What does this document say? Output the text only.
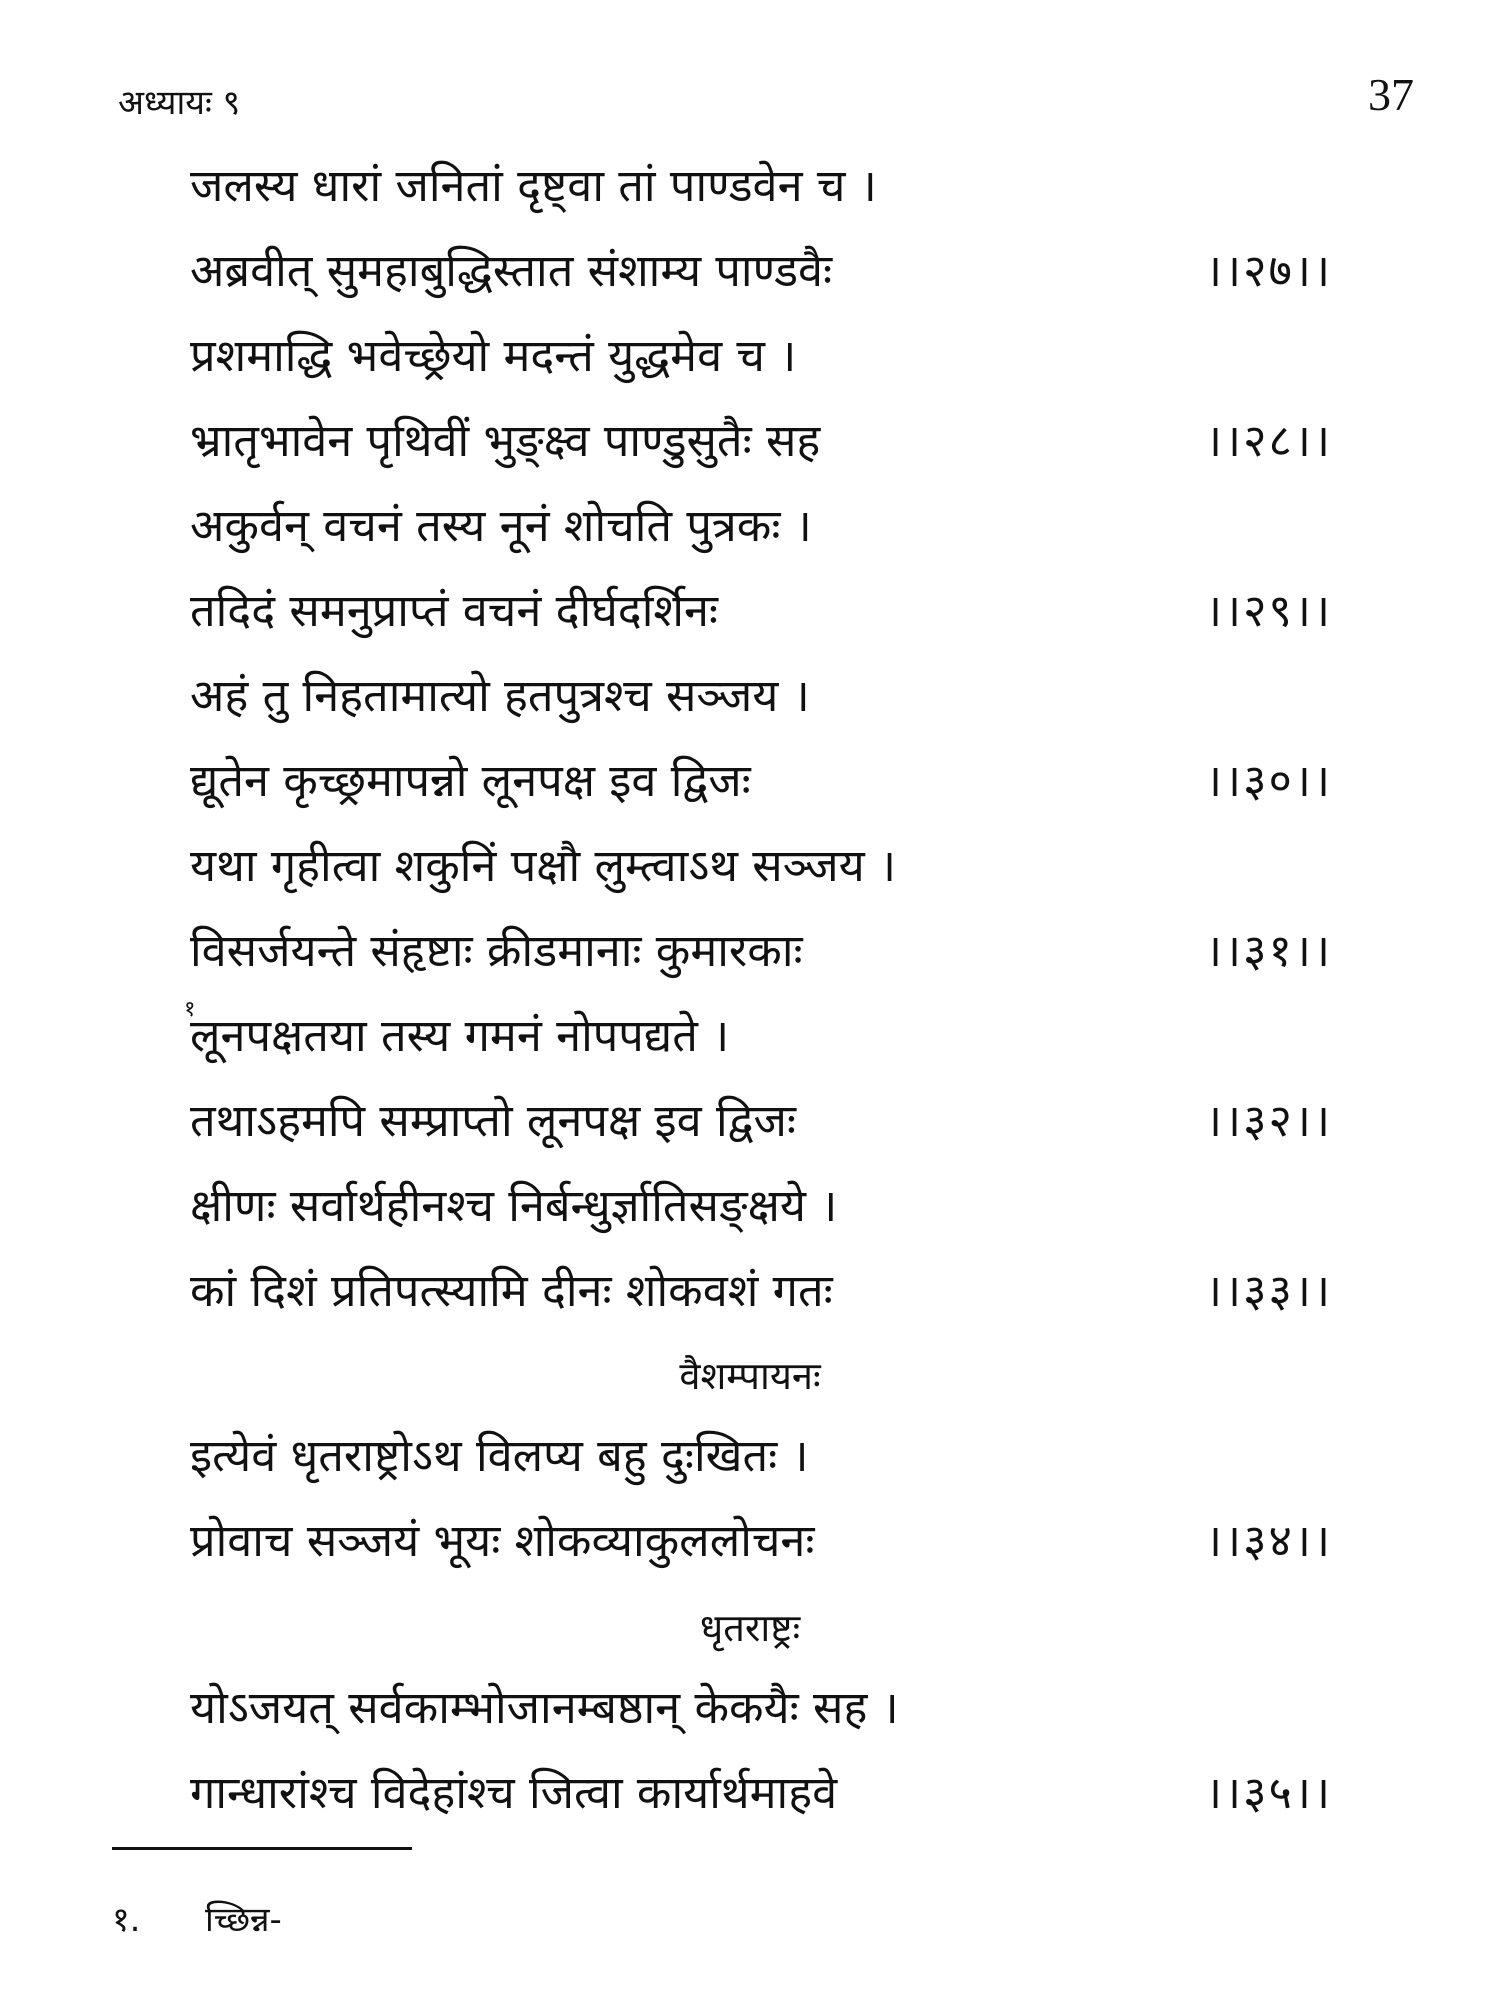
अध्यायः ९	37
जलस्य धारां जनितां दृष्ट्वा तां पाण्डवेन च ।
अब्रवीत् सुमहाबुद्धिस्तात संशाम्य पाण्डवैः	।।२७।।
प्रशमाद्धि भवेच्छ्रेयो मदन्तं युद्धमेव च ।
भ्रातृभावेन पृथिवीं भुङ्क्ष्व पाण्डुसुतैः सह	।।२८।।
अकुर्वन् वचनं तस्य नूनं शोचति पुत्रकः ।
तदिदं समनुप्राप्तं वचनं दीर्घदर्शिनः	।।२९।।
अहं तु निहतामात्यो हतपुत्रश्च सञ्जय ।
द्यूतेन कृच्छ्रमापन्नो लूनपक्ष इव द्विजः	।।३०।।
यथा गृहीत्वा शकुनिं पक्षौ लुम्त्वाऽथ सञ्जय ।
विसर्जयन्ते संहृष्टाः क्रीडमानाः कुमारकाः	।।३१।।
१
लूनपक्षतया तस्य गमनं नोपपद्यते ।
तथाऽहमपि सम्प्राप्तो लूनपक्ष इव द्विजः	।।३२।।
क्षीणः सर्वार्थहीनश्च निर्बन्धुर्ज्ञातिसङ्क्षये ।
कां दिशं प्रतिपत्स्यामि दीनः शोकवशं गतः	।।३३।।
वैशम्पायनः
इत्येवं धृतराष्ट्रोऽथ विलप्य बहु दुःखितः ।
प्रोवाच सञ्जयं भूयः शोकव्याकुललोचनः	।।३४।।
धृतराष्ट्रः
योऽजयत् सर्वकाम्भोजानम्बष्ठान् केकयैः सह ।
गान्धारांश्च विदेहांश्च जित्वा कार्यार्थमाहवे	।।३५।।
१. च्छिन्न-
